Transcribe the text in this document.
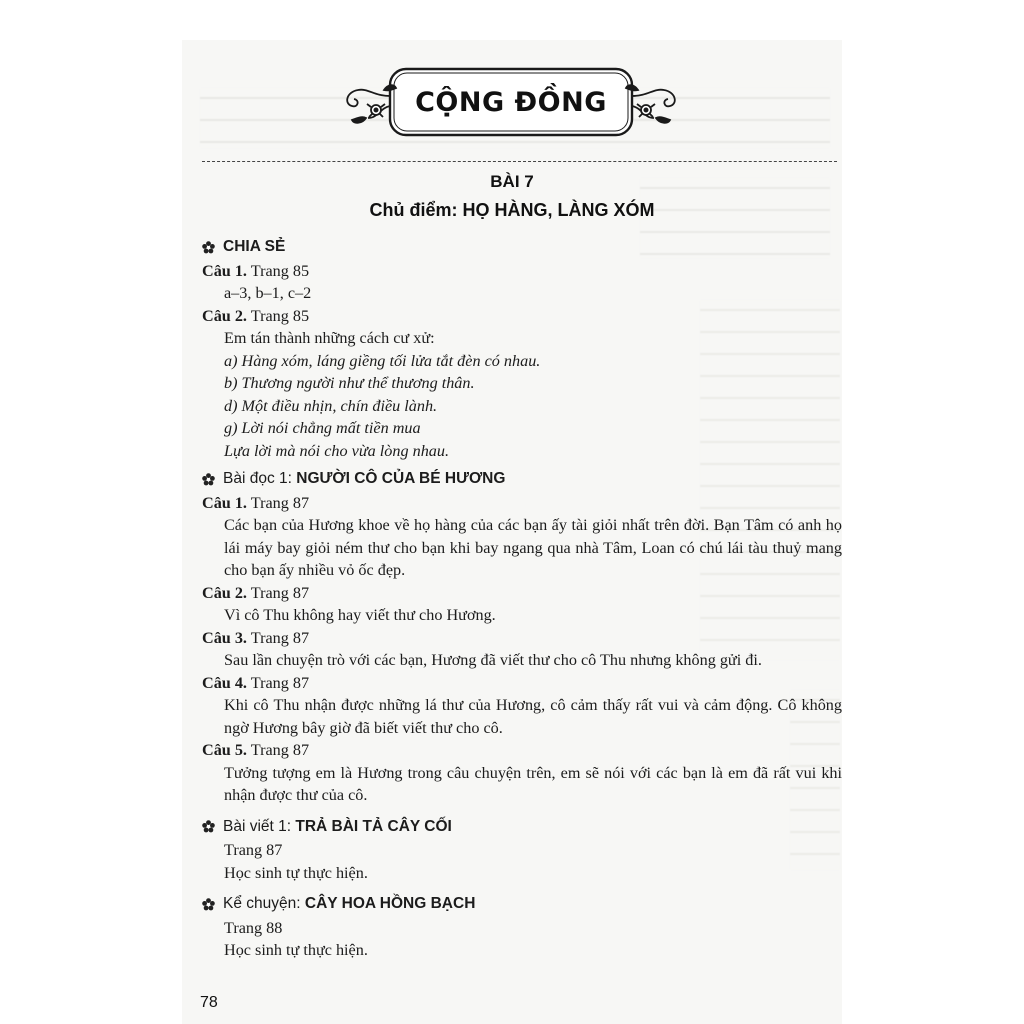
CỘNG ĐỒNG
BÀI 7
Chủ điểm: HỌ HÀNG, LÀNG XÓM
CHIA SẺ

Câu 1. Trang 85

a–3, b–1, c–2

Câu 2. Trang 85

Em tán thành những cách cư xử:

a) Hàng xóm, láng giềng tối lửa tắt đèn có nhau.

b) Thương người như thể thương thân.

d) Một điều nhịn, chín điều lành.

g) Lời nói chẳng mất tiền mua

Lựa lời mà nói cho vừa lòng nhau.

Bài đọc 1:
NGƯỜI CÔ CỦA BÉ HƯƠNG

Câu 1. Trang 87

Các bạn của Hương khoe về họ hàng của các bạn ấy tài giỏi nhất trên đời. Bạn Tâm có anh họ lái máy bay giỏi ném thư cho bạn khi bay ngang qua nhà Tâm, Loan có chú lái tàu thuỷ mang cho bạn ấy nhiều vỏ ốc đẹp.

Câu 2. Trang 87

Vì cô Thu không hay viết thư cho Hương.

Câu 3. Trang 87

Sau lần chuyện trò với các bạn, Hương đã viết thư cho cô Thu nhưng không gửi đi.

Câu 4. Trang 87

Khi cô Thu nhận được những lá thư của Hương, cô cảm thấy rất vui và cảm động. Cô không ngờ Hương bây giờ đã biết viết thư cho cô.

Câu 5. Trang 87

Tưởng tượng em là Hương trong câu chuyện trên, em sẽ nói với các bạn là em đã rất vui khi nhận được thư của cô.

Bài viết 1:
TRẢ BÀI TẢ CÂY CỐI

Trang 87

Học sinh tự thực hiện.

Kể chuyện:
CÂY HOA HỒNG BẠCH

Trang 88

Học sinh tự thực hiện.

78
